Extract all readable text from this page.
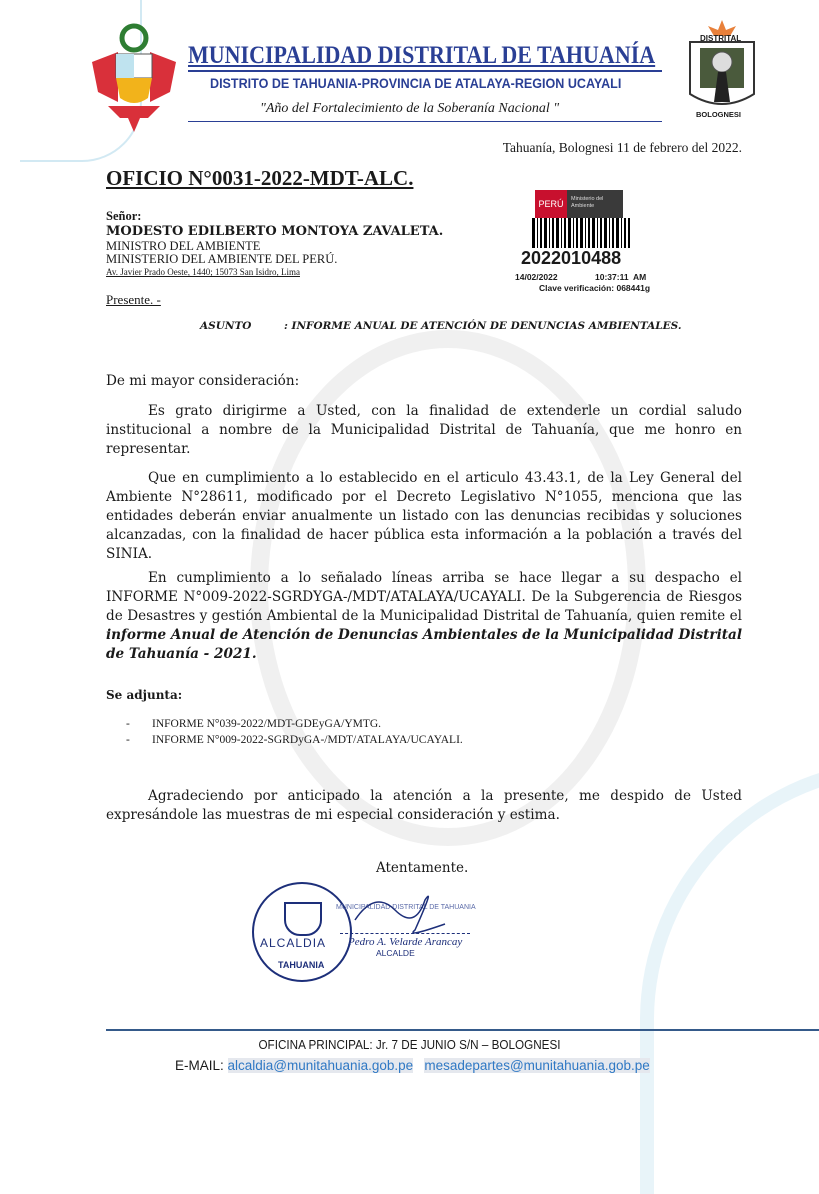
MUNICIPALIDAD DISTRITAL DE TAHUANÍA
DISTRITO DE TAHUANIA-PROVINCIA DE ATALAYA-REGION UCAYALI
"Año del Fortalecimiento de la Soberanía Nacional "
DISTRITAL
BOLOGNESI
Tahuanía, Bolognesi 11 de febrero del 2022.
OFICIO N°0031-2022-MDT-ALC.
Señor:
MODESTO EDILBERTO MONTOYA ZAVALETA.
MINISTRO DEL AMBIENTE
MINISTERIO DEL AMBIENTE DEL PERÚ.
Av. Javier Prado Oeste, 1440; 15073 San Isidro, Lima
Presente. -
PERÚ	Ministerio del Ambiente
2022010488
14/02/2022	10:37:11  AM
Clave verificación: 068441g
ASUNTO	: INFORME ANUAL DE ATENCIÓN DE DENUNCIAS AMBIENTALES.
De mi mayor consideración:
Es grato dirigirme a Usted, con la finalidad de extenderle un cordial saludo institucional a nombre de la Municipalidad Distrital de Tahuanía, que me honro en representar.
Que en cumplimiento a lo establecido en el articulo 43.43.1, de la Ley General del Ambiente N°28611, modificado por el Decreto Legislativo N°1055, menciona que las entidades deberán enviar anualmente un listado con las denuncias recibidas y soluciones alcanzadas, con la finalidad de hacer pública esta información a la población a través del SINIA.
En cumplimiento a lo señalado líneas arriba se hace llegar a su despacho el INFORME N°009-2022-SGRDYGA-/MDT/ATALAYA/UCAYALI. De la Subgerencia de Riesgos de Desastres y gestión Ambiental de la Municipalidad Distrital de Tahuanía, quien remite el informe Anual de Atención de Denuncias Ambientales de la Municipalidad Distrital de Tahuanía - 2021.
Se adjunta:
- INFORME N°039-2022/MDT-GDEyGA/YMTG.
- INFORME N°009-2022-SGRDyGA-/MDT/ATALAYA/UCAYALI.
Agradeciendo por anticipado la atención a la presente, me despido de Usted expresándole las muestras de mi especial consideración y estima.
Atentamente.
ALCALDIA
TAHUANIA
MUNICIPALIDAD DISTRITAL DE TAHUANIA
Pedro A. Velarde Arancay
ALCALDE
OFICINA PRINCIPAL: Jr. 7 DE JUNIO S/N – BOLOGNESI
E-MAIL: alcaldia@munitahuania.gob.pe mesadepartes@munitahuania.gob.pe
